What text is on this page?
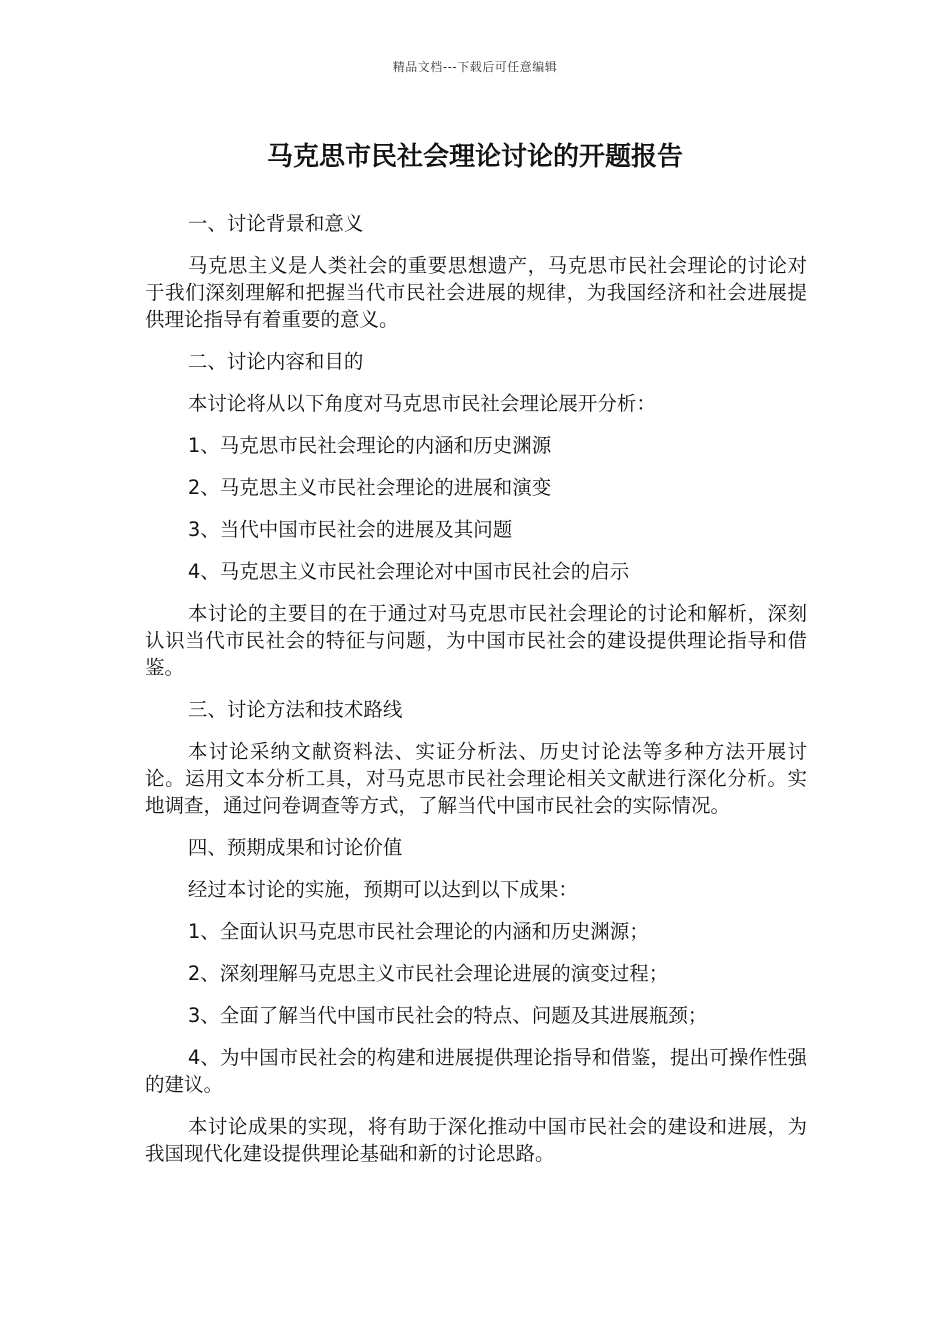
精品文档---下载后可任意编辑
马克思市民社会理论讨论的开题报告

一、讨论背景和意义

马克思主义是人类社会的重要思想遗产，马克思市民社会理论的讨论对于我们深刻理解和把握当代市民社会进展的规律，为我国经济和社会进展提供理论指导有着重要的意义。

二、讨论内容和目的

本讨论将从以下角度对马克思市民社会理论展开分析：

1、马克思市民社会理论的内涵和历史渊源

2、马克思主义市民社会理论的进展和演变

3、当代中国市民社会的进展及其问题

4、马克思主义市民社会理论对中国市民社会的启示

本讨论的主要目的在于通过对马克思市民社会理论的讨论和解析，深刻认识当代市民社会的特征与问题，为中国市民社会的建设提供理论指导和借鉴。

三、讨论方法和技术路线

本讨论采纳文献资料法、实证分析法、历史讨论法等多种方法开展讨论。运用文本分析工具，对马克思市民社会理论相关文献进行深化分析。实地调查，通过问卷调查等方式，了解当代中国市民社会的实际情况。

四、预期成果和讨论价值

经过本讨论的实施，预期可以达到以下成果：

1、全面认识马克思市民社会理论的内涵和历史渊源；

2、深刻理解马克思主义市民社会理论进展的演变过程；

3、全面了解当代中国市民社会的特点、问题及其进展瓶颈；

4、为中国市民社会的构建和进展提供理论指导和借鉴，提出可操作性强的建议。

本讨论成果的实现，将有助于深化推动中国市民社会的建设和进展，为我国现代化建设提供理论基础和新的讨论思路。
